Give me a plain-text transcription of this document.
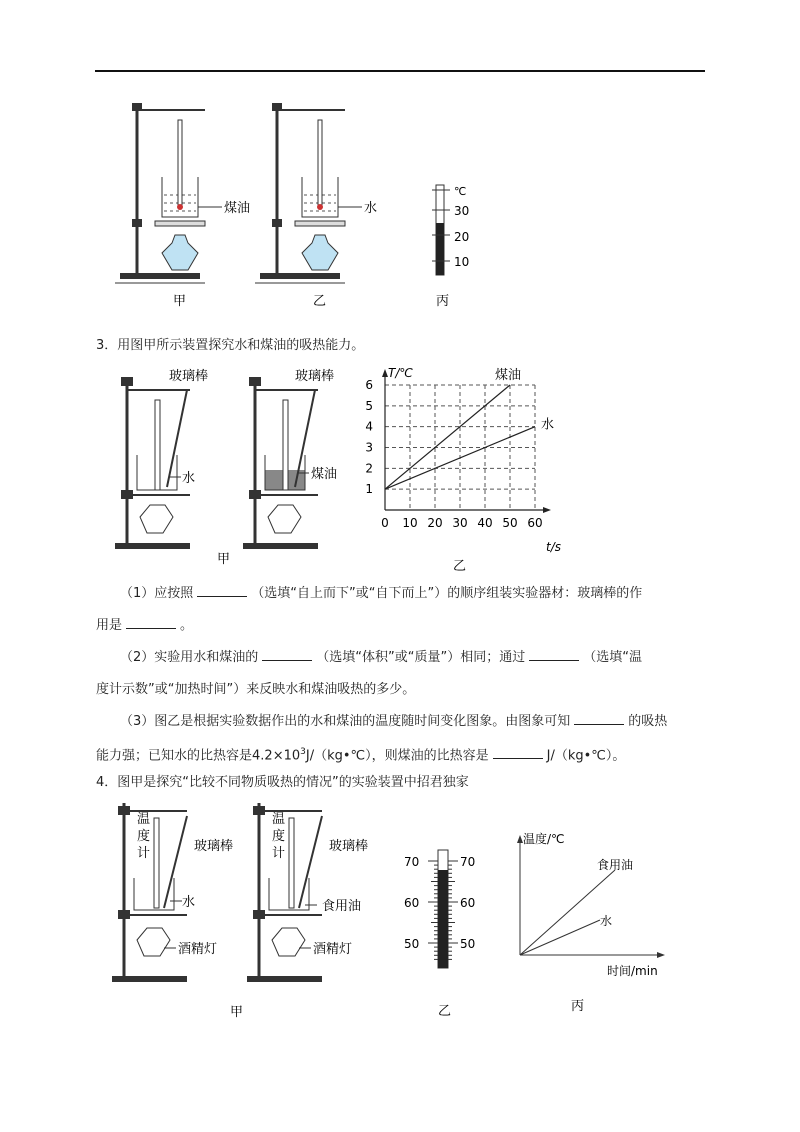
煤油	水	30
20
10
℃
甲	乙	丙
3．用图甲所示装置探究水和煤油的吸热能力。
玻璃棒
水
玻璃棒
煤油
甲
0 10 20 30 40 50 60
1
2
3
4
5
6
煤油
水
T/℃
t/s
乙
（1）应按照	（选填“自上而下”或“自下而上”）的顺序组装实验器材：玻璃棒的作
用是	。
（2）实验用水和煤油的	（选填“体积”或“质量”）相同；通过	（选填“温
度计示数”或“加热时间”）来反映水和煤油吸热的多少。
（3）图乙是根据实验数据作出的水和煤油的温度随时间变化图象。由图象可知	的吸热
能力强；已知水的比热容是$4.2\times 10^3J/(kg•℃)$，则煤油的比热容是	J/（kg•℃）。
4．图甲是探究“比较不同物质吸热的情况”的实验装置中招君独家
温度计	玻璃棒
水
酒精灯
温度计	玻璃棒
食用油
酒精灯
甲
70
60
50
70
60
50
乙
温度/℃
时间/min
食用油
水
丙
